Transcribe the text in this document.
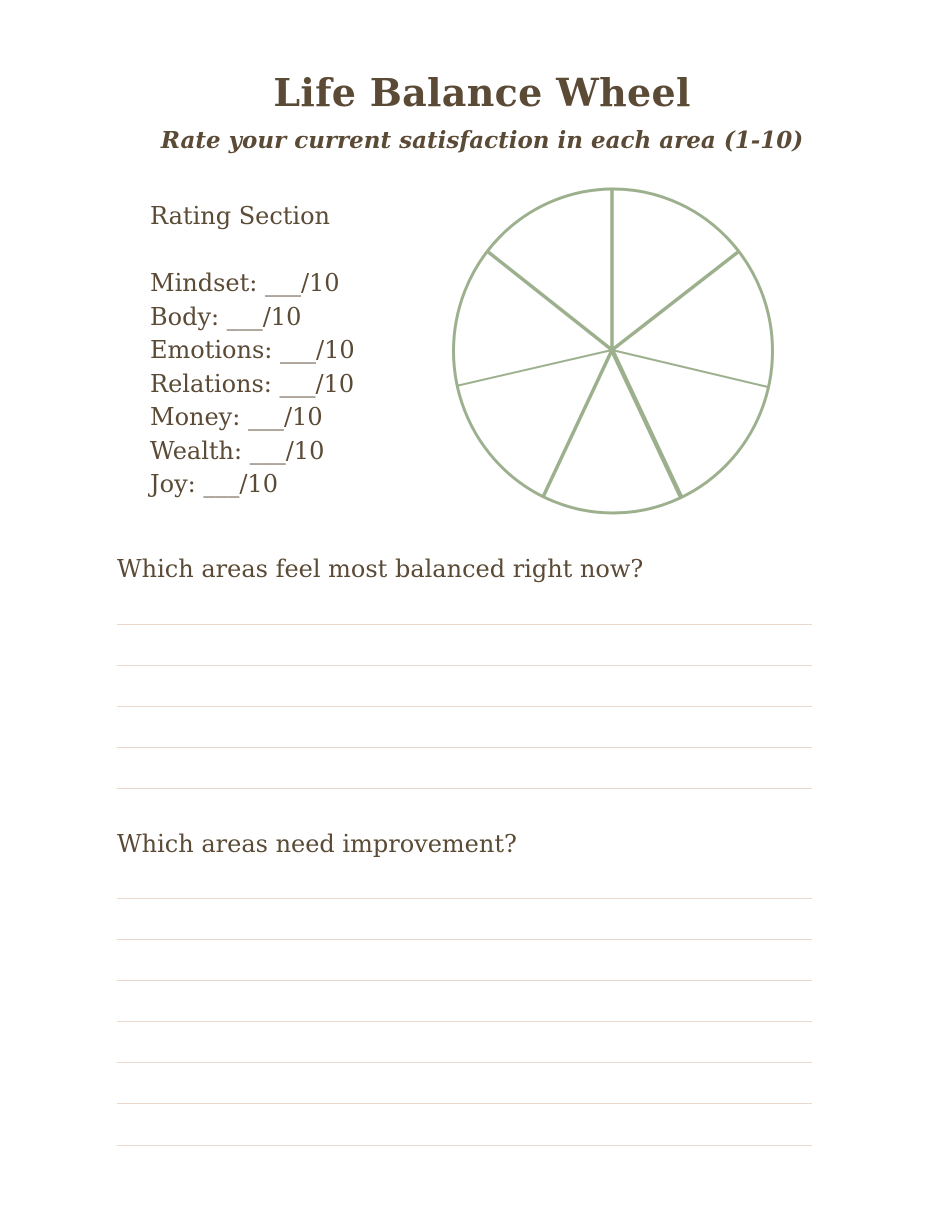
Life Balance Wheel

Rate your current satisfaction in each area (1-10)

Rating Section

Mindset: ___/10
Body: ___/10
Emotions: ___/10
Relations: ___/10
Money: ___/10
Wealth: ___/10
Joy: ___/10

Which areas feel most balanced right now?

Which areas need improvement?
